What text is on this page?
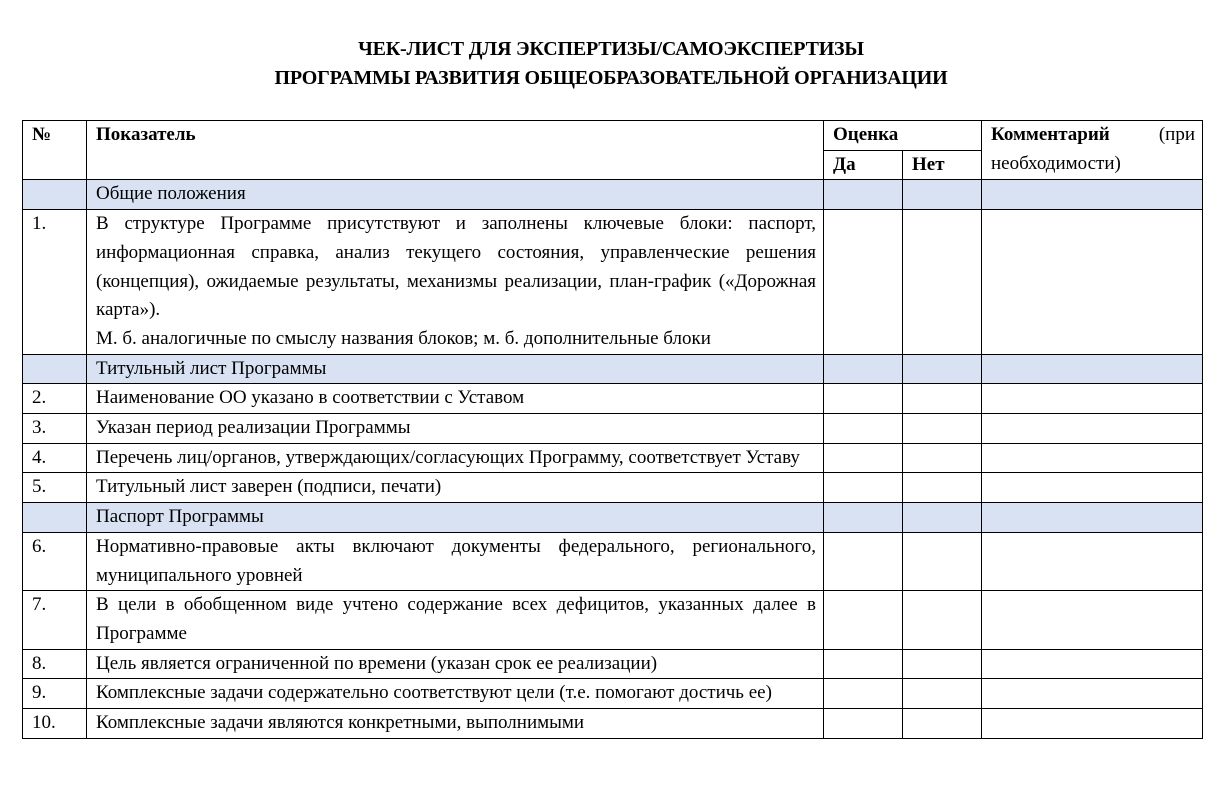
ЧЕК-ЛИСТ ДЛЯ ЭКСПЕРТИЗЫ/САМОЭКСПЕРТИЗЫ
ПРОГРАММЫ РАЗВИТИЯ ОБЩЕОБРАЗОВАТЕЛЬНОЙ ОРГАНИЗАЦИИ
№	Показатель	Оценка		Комментарий (при необходимости)
		Да	Нет	
	Общие положения			
1.	В структуре Программе присутствуют и заполнены ключевые блоки: паспорт, информационная справка, анализ текущего состояния, управленческие решения (концепция), ожидаемые результаты, механизмы реализации, план-график («Дорожная карта»).
М. б. аналогичные по смыслу названия блоков; м. б. дополнительные блоки			

	Титульный лист Программы			
2.	Наименование ОО указано в соответствии с Уставом			

3.	Указан период реализации Программы			

4.	Перечень лиц/органов, утверждающих/согласующих Программу, соответствует Уставу			

5.	Титульный лист заверен (подписи, печати)			

	Паспорт Программы			
6.	Нормативно-правовые акты включают документы федерального, регионального, муниципального уровней			

7.	В цели в обобщенном виде учтено содержание всех дефицитов, указанных далее в Программе			

8.	Цель является ограниченной по времени (указан срок ее реализации)			

9.	Комплексные задачи содержательно соответствуют цели (т.е. помогают достичь ее)			

10.	Комплексные задачи являются конкретными, выполнимыми			
